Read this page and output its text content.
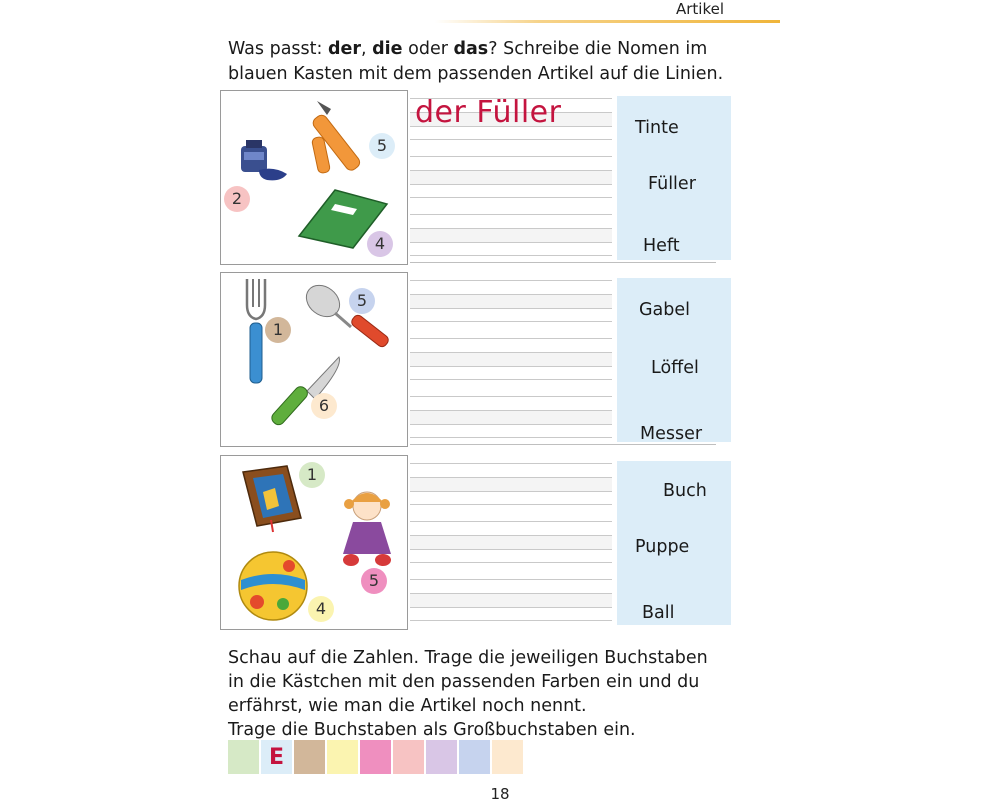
Artikel
Was passt: der, die oder das? Schreibe die Nomen im
blauen Kasten mit dem passenden Artikel auf die Linien.
5
2
4
der Füller	Tinte
Füller
Heft
5
1
6
Gabel
Löffel
Messer
1
5
4
Buch
Puppe
Ball
Schau auf die Zahlen. Trage die jeweiligen Buchstaben
in die Kästchen mit den passenden Farben ein und du
erfährst, wie man die Artikel noch nennt.
Trage die Buchstaben als Großbuchstaben ein.
E
18
